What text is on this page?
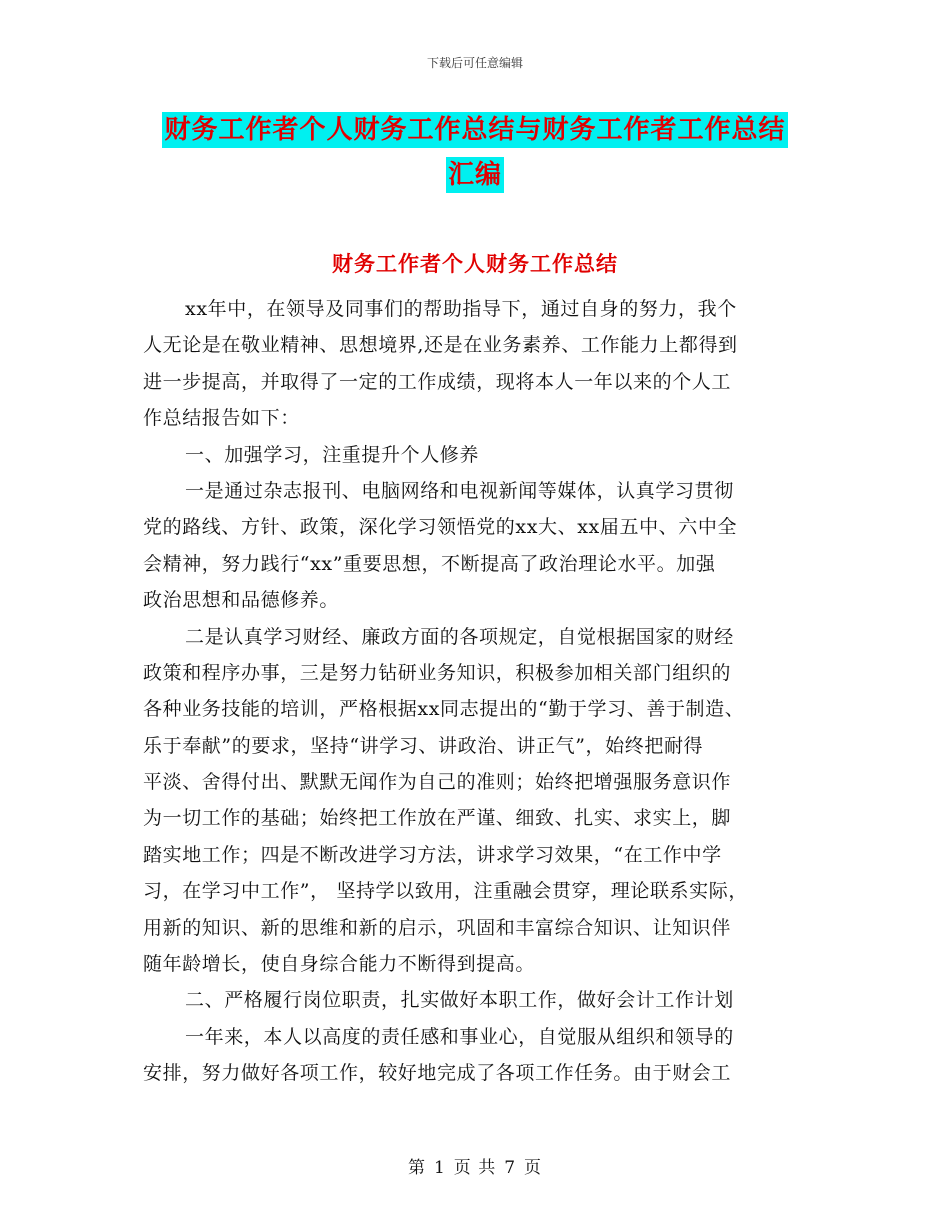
下载后可任意编辑
财务工作者个人财务工作总结与财务工作者工作总结
汇编
财务工作者个人财务工作总结
xx年中，在领导及同事们的帮助指导下，通过自身的努力，我个
人无论是在敬业精神、思想境界,还是在业务素养、工作能力上都得到
进一步提高，并取得了一定的工作成绩，现将本人一年以来的个人工
作总结报告如下：
一、加强学习，注重提升个人修养
一是通过杂志报刊、电脑网络和电视新闻等媒体，认真学习贯彻
党的路线、方针、政策，深化学习领悟党的xx大、xx届五中、六中全
会精神，努力践行“xx”重要思想，不断提高了政治理论水平。加强
政治思想和品德修养。
二是认真学习财经、廉政方面的各项规定，自觉根据国家的财经
政策和程序办事，三是努力钻研业务知识，积极参加相关部门组织的
各种业务技能的培训，严格根据xx同志提出的“勤于学习、善于制造、
乐于奉献”的要求，坚持“讲学习、讲政治、讲正气”，始终把耐得
平淡、舍得付出、默默无闻作为自己的准则；始终把增强服务意识作
为一切工作的基础；始终把工作放在严谨、细致、扎实、求实上，脚
踏实地工作；四是不断改进学习方法，讲求学习效果，“在工作中学
习，在学习中工作”， 坚持学以致用，注重融会贯穿，理论联系实际，
用新的知识、新的思维和新的启示，巩固和丰富综合知识、让知识伴
随年龄增长，使自身综合能力不断得到提高。
二、严格履行岗位职责，扎实做好本职工作，做好会计工作计划
一年来，本人以高度的责任感和事业心，自觉服从组织和领导的
安排，努力做好各项工作，较好地完成了各项工作任务。由于财会工
第 1 页 共 7 页
